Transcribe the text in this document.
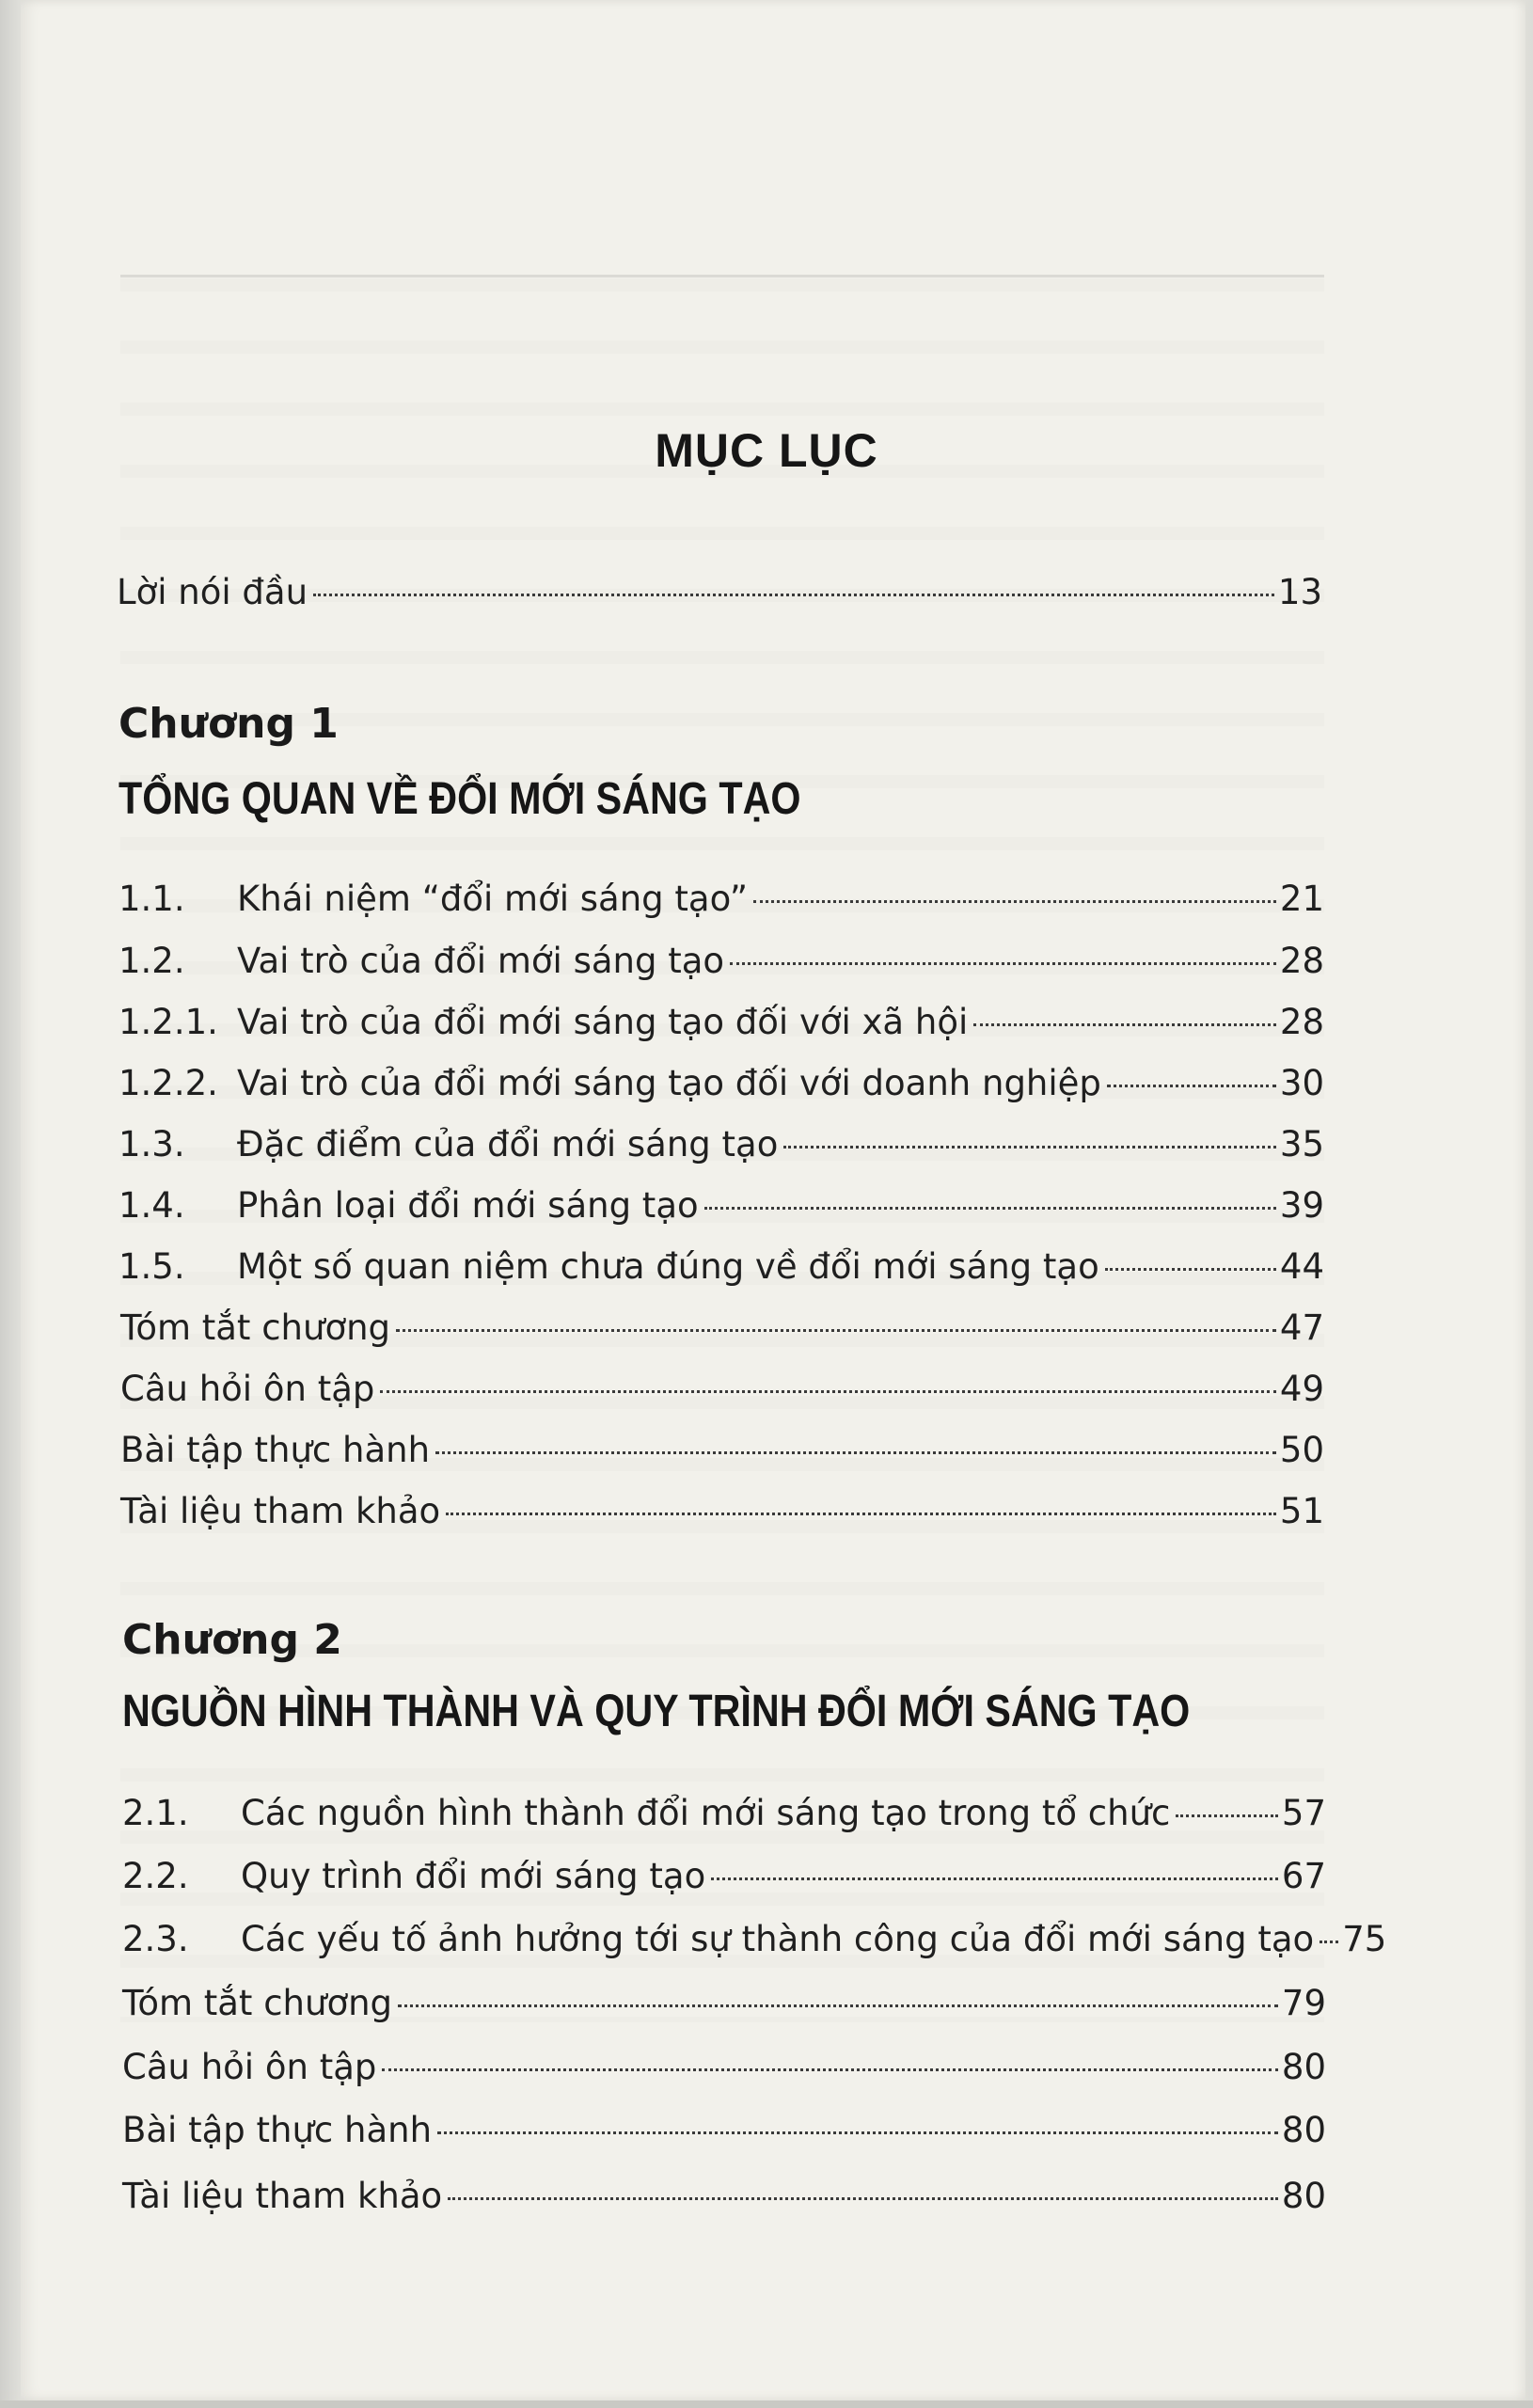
MỤC LỤC
Lời nói đầu	13
Chương 1
TỔNG QUAN VỀ ĐỔI MỚI SÁNG TẠO
1.1.	Khái niệm “đổi mới sáng tạo”	21
1.2.	Vai trò của đổi mới sáng tạo	28
1.2.1. Vai trò của đổi mới sáng tạo đối với xã hội	28
1.2.2. Vai trò của đổi mới sáng tạo đối với doanh nghiệp	30
1.3.	Đặc điểm của đổi mới sáng tạo	35
1.4.	Phân loại đổi mới sáng tạo	39
1.5.	Một số quan niệm chưa đúng về đổi mới sáng tạo	44
Tóm tắt chương	47
Câu hỏi ôn tập	49
Bài tập thực hành	50
Tài liệu tham khảo	51
Chương 2
NGUỒN HÌNH THÀNH VÀ QUY TRÌNH ĐỔI MỚI SÁNG TẠO
2.1.	Các nguồn hình thành đổi mới sáng tạo trong tổ chức	57
2.2.	Quy trình đổi mới sáng tạo	67
2.3.	Các yếu tố ảnh hưởng tới sự thành công của đổi mới sáng tạo 75
Tóm tắt chương	79
Câu hỏi ôn tập	80
Bài tập thực hành	80
Tài liệu tham khảo	80
